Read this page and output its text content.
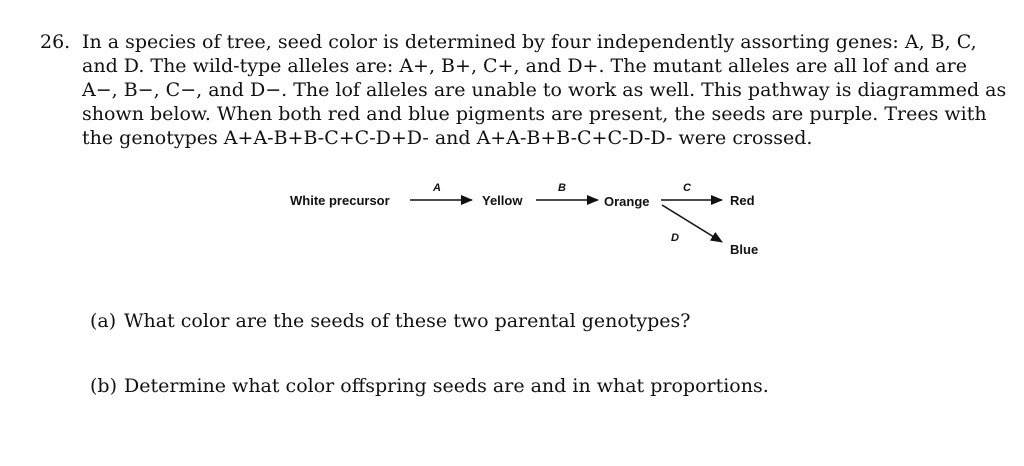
26. In a species of tree, seed color is determined by four independently assorting genes: A, B, C, and D. The wild-type alleles are: A+, B+, C+, and D+. The mutant alleles are all lof and are A−, B−, C−, and D−. The lof alleles are unable to work as well. This pathway is diagrammed as shown below. When both red and blue pigments are present, the seeds are purple. Trees with the genotypes A+A-B+B-C+C-D+D- and A+A-B+B-C+C-D-D- were crossed.

White precursor	Yellow	Orange	Red
Blue
A	B	C
D
(a) What color are the seeds of these two parental genotypes?
(b) Determine what color offspring seeds are and in what proportions.
